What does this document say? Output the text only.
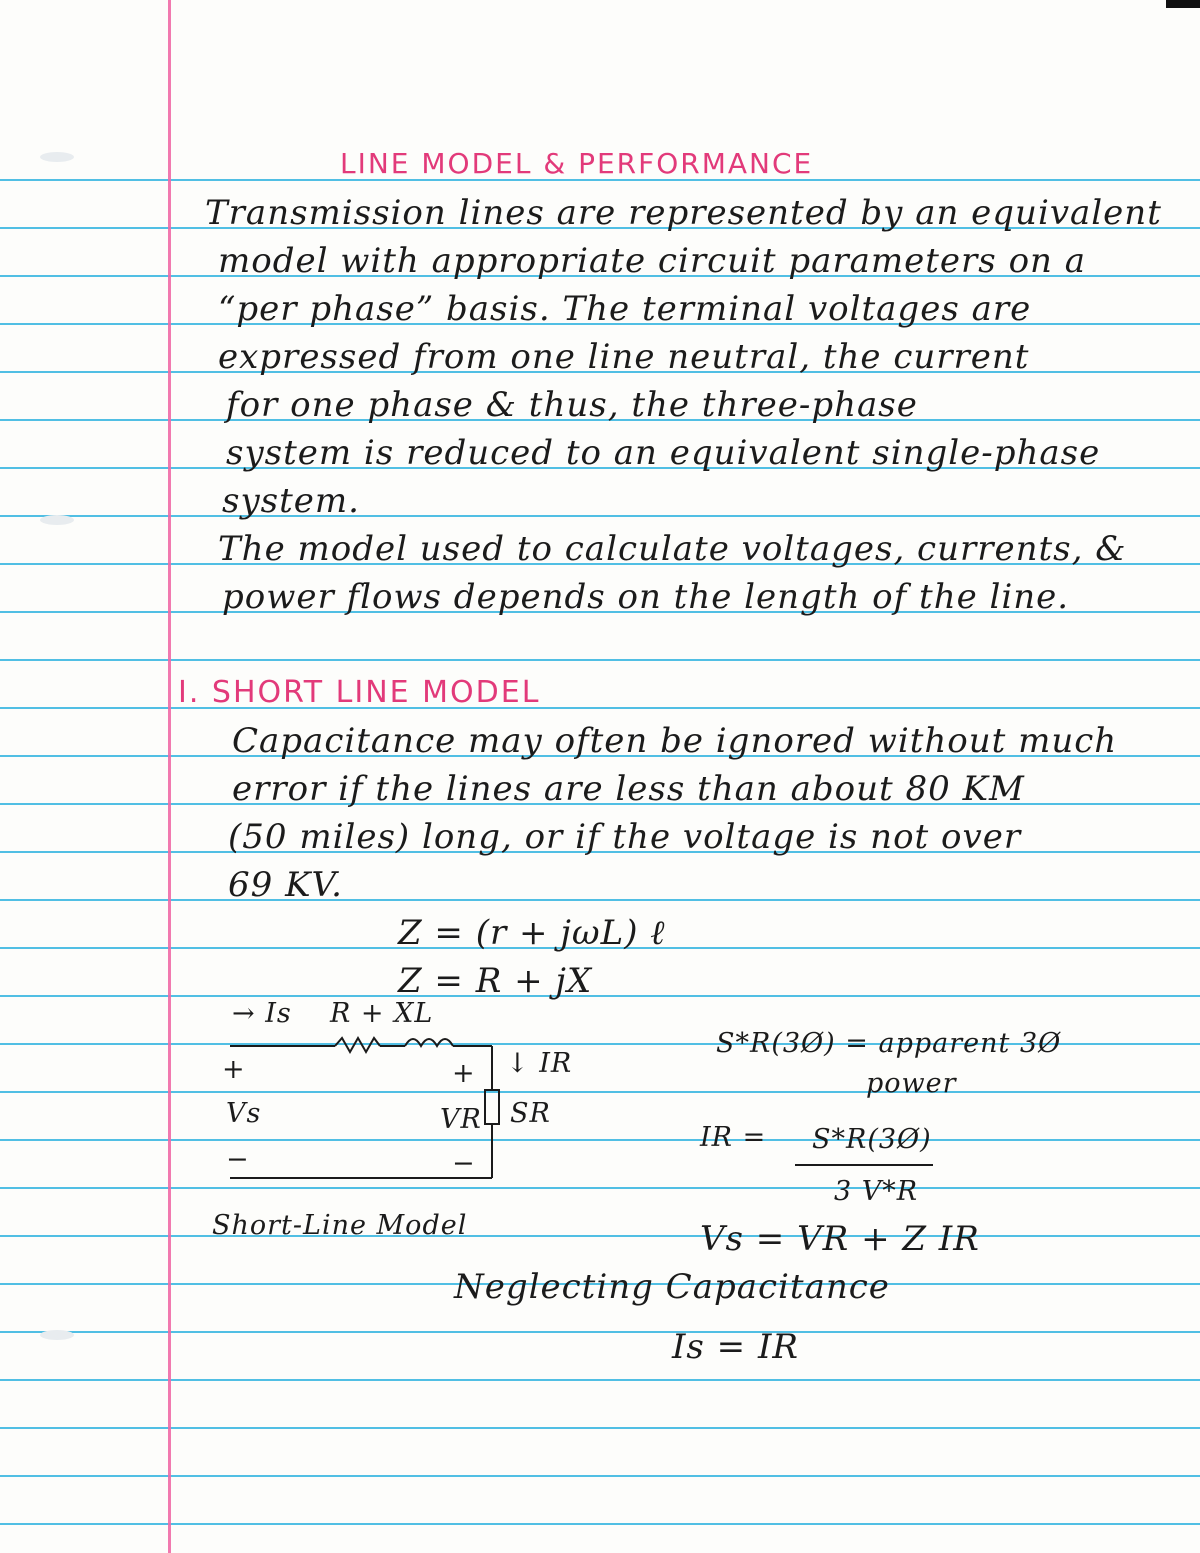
LINE MODEL & PERFORMANCE
Transmission lines are represented by an equivalent
model with appropriate circuit parameters on a
“per phase” basis. The terminal voltages are
expressed from one line neutral, the current
for one phase & thus, the three-phase
system is reduced to an equivalent single-phase
system.
The model used to calculate voltages, currents, &
power flows depends on the length of the line.
I. SHORT LINE MODEL
Capacitance may often be ignored without much
error if the lines are less than about 80 KM
(50 miles) long, or if the voltage is not over
69 KV.
Z = (r + jωL) ℓ
Z = R + jX
→ Is R + XL
↓ IR
+
Vs
−
+
VR SR
−
Short-Line Model
S*R(3Ø) = apparent 3Ø
power
IR = S*R(3Ø)
3 V*R
Vs = VR + Z IR
Neglecting Capacitance
Is = IR
